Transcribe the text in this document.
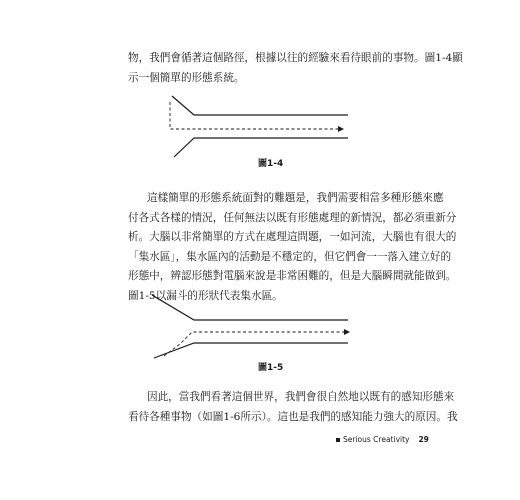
物，我們會循著這個路徑，根據以往的經驗來看待眼前的事物。圖1-4顯
示一個簡單的形態系統。

圖1-4

這樣簡單的形態系統面對的難題是，我們需要相當多種形態來應
付各式各樣的情況，任何無法以既有形態處理的新情況，都必須重新分
析。大腦以非常簡單的方式在處理這問題，一如河流，大腦也有很大的
「集水區」，集水區內的活動是不穩定的，但它們會一一落入建立好的
形態中，辨認形態對電腦來說是非常困難的，但是大腦瞬間就能做到。
圖1-5以漏斗的形狀代表集水區。

圖1-5

因此，當我們看著這個世界，我們會很自然地以既有的感知形態來
看待各種事物（如圖1-6所示）。這也是我們的感知能力強大的原因。我

Serious Creativity 29
